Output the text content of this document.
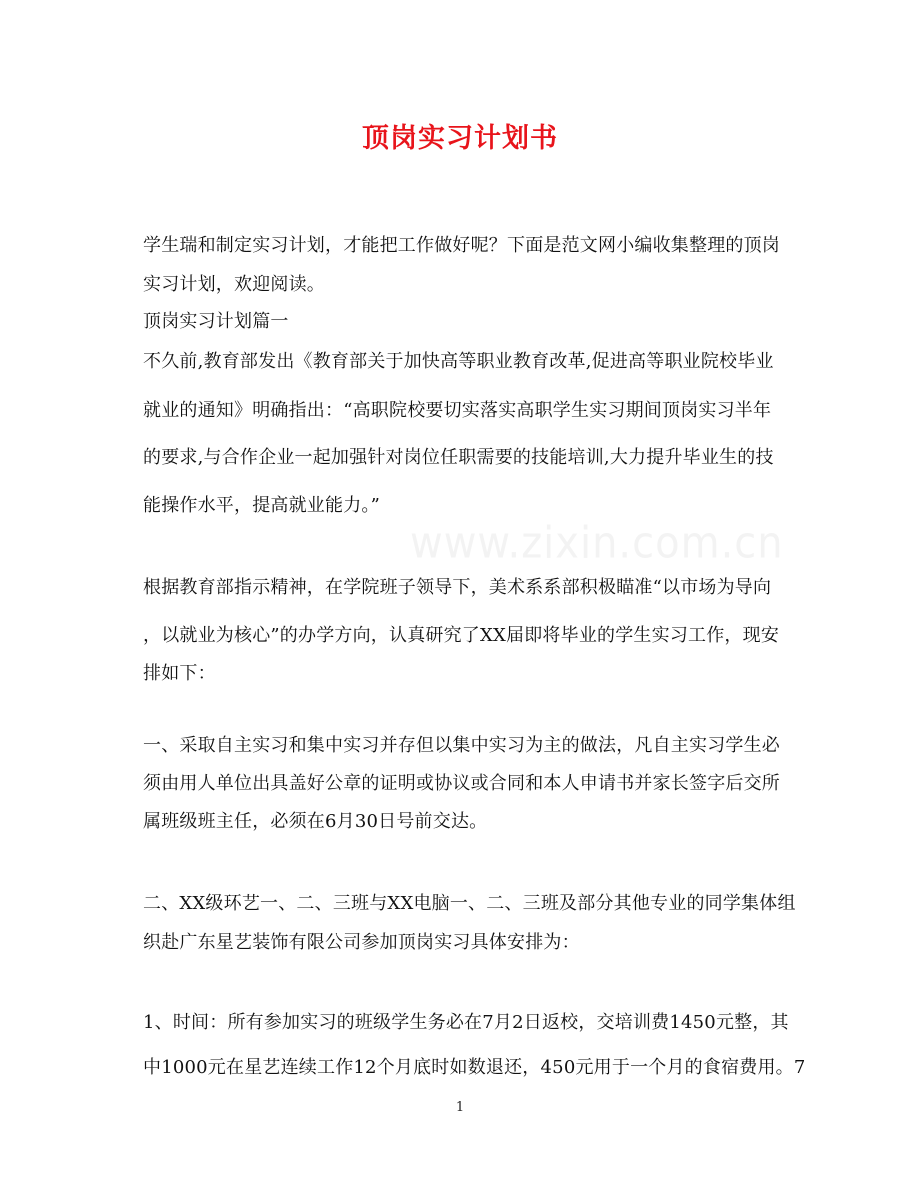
www.zixin.com.cn
顶岗实习计划书
学生瑞和制定实习计划，才能把工作做好呢？下面是范文网小编收集整理的顶岗
实习计划，欢迎阅读。
顶岗实习计划篇一
不久前,教育部发出《教育部关于加快高等职业教育改革,促进高等职业院校毕业
就业的通知》明确指出：“高职院校要切实落实高职学生实习期间顶岗实习半年
的要求,与合作企业一起加强针对岗位任职需要的技能培训,大力提升毕业生的技
能操作水平，提高就业能力。”
根据教育部指示精神，在学院班子领导下，美术系系部积极瞄准“以市场为导向
，以就业为核心”的办学方向，认真研究了XX届即将毕业的学生实习工作，现安
排如下：
一、采取自主实习和集中实习并存但以集中实习为主的做法，凡自主实习学生必
须由用人单位出具盖好公章的证明或协议或合同和本人申请书并家长签字后交所
属班级班主任，必须在6月30日号前交达。
二、XX级环艺一、二、三班与XX电脑一、二、三班及部分其他专业的同学集体组
织赴广东星艺装饰有限公司参加顶岗实习具体安排为：
1、时间：所有参加实习的班级学生务必在7月2日返校，交培训费1450元整，其
中1000元在星艺连续工作12个月底时如数退还，450元用于一个月的食宿费用。7
1
